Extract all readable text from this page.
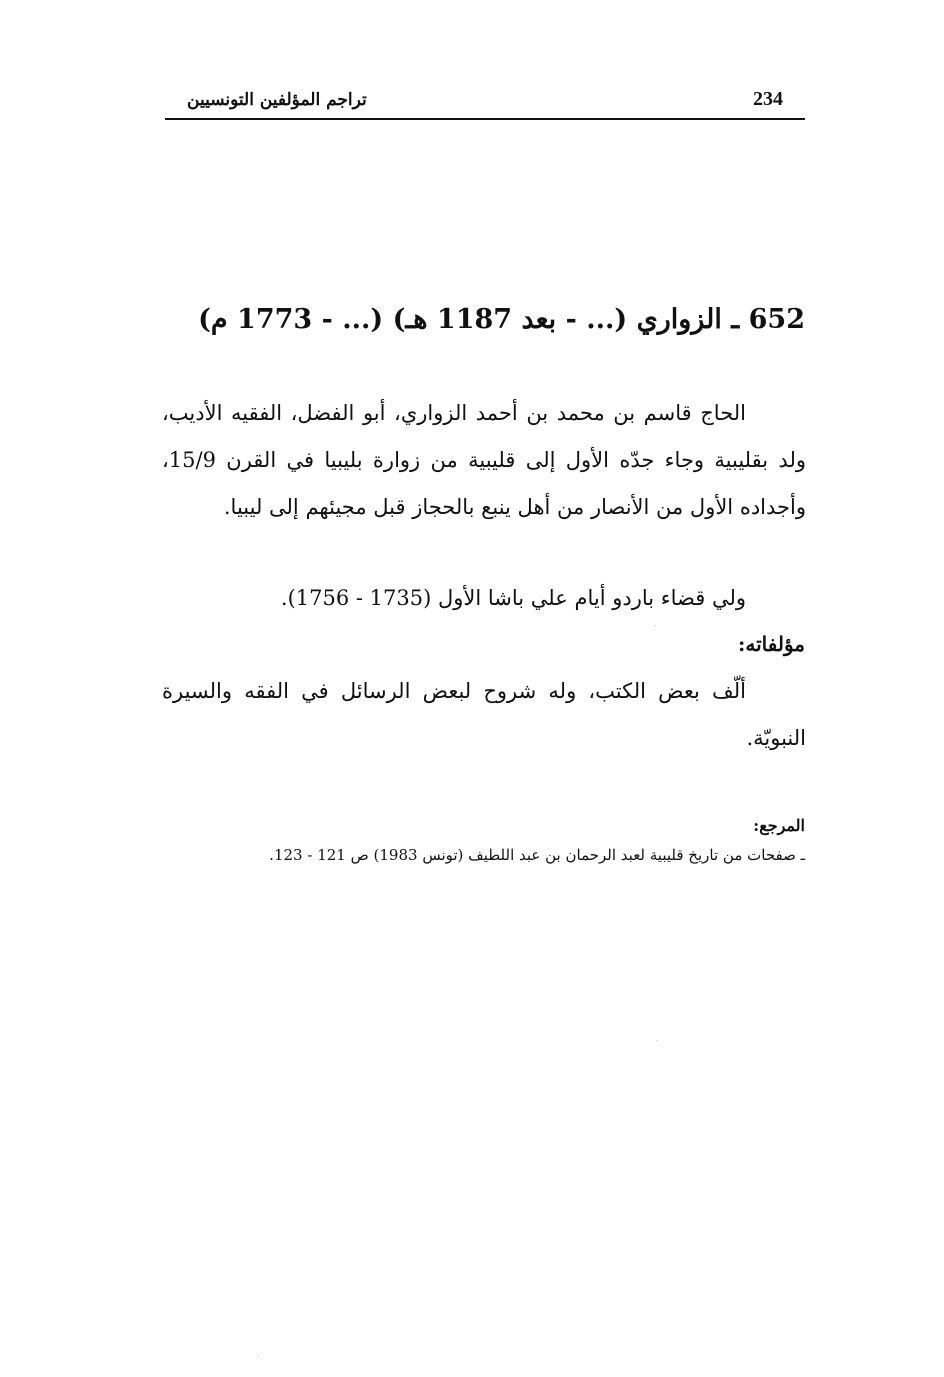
تراجم المؤلفين التونسيين	234
652 ـ الزواري (... - بعد 1187 هـ) (... - 1773 م)

الحاج قاسم بن محمد بن أحمد الزواري، أبو الفضل، الفقيه الأديب، ولد بقليبية وجاء جدّه الأول إلى قليبية من زوارة بليبيا في القرن 15/9، وأجداده الأول من الأنصار من أهل ينبع بالحجاز قبل مجيئهم إلى ليبيا.

ولي قضاء باردو أيام علي باشا الأول (1735 - 1756).

مؤلفاته:

ألّف بعض الكتب، وله شروح لبعض الرسائل في الفقه والسيرة النبويّة.

المرجع:
ـ صفحات من تاريخ قليبية لعبد الرحمان بن عبد اللطيف (تونس 1983) ص 121 - 123.
